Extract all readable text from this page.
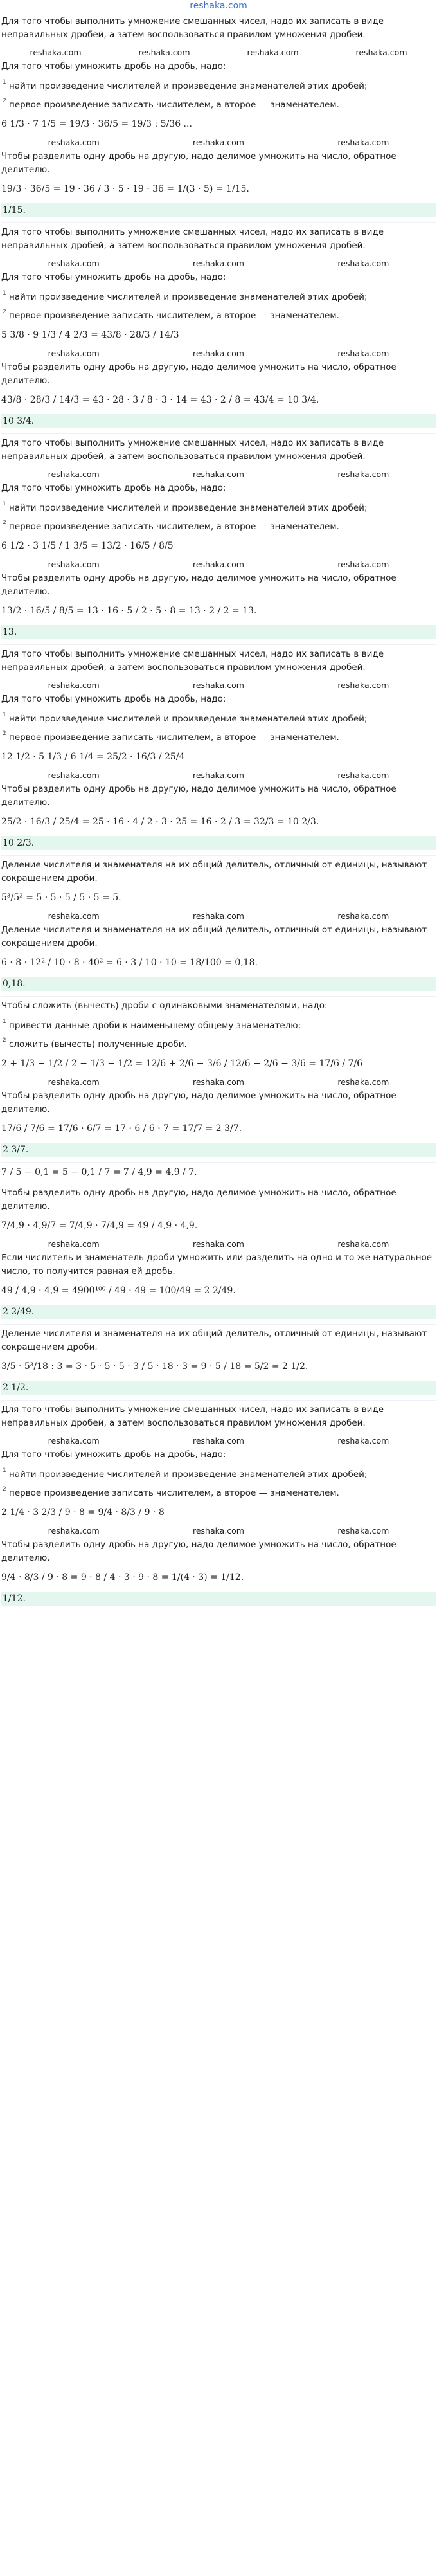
reshaka.com
Для того чтобы выполнить умножение смешанных чисел, надо их записать в виде неправильных дробей, а затем воспользоваться правилом умножения дробей.
reshaka.com	reshaka.com	reshaka.com	reshaka.com
Для того чтобы умножить дробь на дробь, надо:
1 найти произведение числителей и произведение знаменателей этих дробей;
2 первое произведение записать числителем, а второе — знаменателем.
6 1/3 · 7 1/5 = 19/3 · 36/5 = 19/3 : 5/36 ...
reshaka.com	reshaka.com	reshaka.com
Чтобы разделить одну дробь на другую, надо делимое умножить на число, обратное делителю.
19/3 · 36/5 = 19 · 36 / 3 · 5 · 19 · 36 = 1/(3 · 5) = 1/15.
1/15.
Для того чтобы выполнить умножение смешанных чисел, надо их записать в виде неправильных дробей, а затем воспользоваться правилом умножения дробей.
reshaka.com	reshaka.com	reshaka.com
Для того чтобы умножить дробь на дробь, надо:
1 найти произведение числителей и произведение знаменателей этих дробей;
2 первое произведение записать числителем, а второе — знаменателем.
5 3/8 · 9 1/3 / 4 2/3 = 43/8 · 28/3 / 14/3
reshaka.com	reshaka.com	reshaka.com
Чтобы разделить одну дробь на другую, надо делимое умножить на число, обратное делителю.
43/8 · 28/3 / 14/3 = 43 · 28 · 3 / 8 · 3 · 14 = 43 · 2 / 8 = 43/4 = 10 3/4.
10 3/4.
Для того чтобы выполнить умножение смешанных чисел, надо их записать в виде неправильных дробей, а затем воспользоваться правилом умножения дробей.
reshaka.com	reshaka.com	reshaka.com
Для того чтобы умножить дробь на дробь, надо:
1 найти произведение числителей и произведение знаменателей этих дробей;
2 первое произведение записать числителем, а второе — знаменателем.
6 1/2 · 3 1/5 / 1 3/5 = 13/2 · 16/5 / 8/5
reshaka.com	reshaka.com	reshaka.com
Чтобы разделить одну дробь на другую, надо делимое умножить на число, обратное делителю.
13/2 · 16/5 / 8/5 = 13 · 16 · 5 / 2 · 5 · 8 = 13 · 2 / 2 = 13.
13.
Для того чтобы выполнить умножение смешанных чисел, надо их записать в виде неправильных дробей, а затем воспользоваться правилом умножения дробей.
reshaka.com	reshaka.com	reshaka.com
Для того чтобы умножить дробь на дробь, надо:
1 найти произведение числителей и произведение знаменателей этих дробей;
2 первое произведение записать числителем, а второе — знаменателем.
12 1/2 · 5 1/3 / 6 1/4 = 25/2 · 16/3 / 25/4
reshaka.com	reshaka.com	reshaka.com
Чтобы разделить одну дробь на другую, надо делимое умножить на число, обратное делителю.
25/2 · 16/3 / 25/4 = 25 · 16 · 4 / 2 · 3 · 25 = 16 · 2 / 3 = 32/3 = 10 2/3.
10 2/3.
Деление числителя и знаменателя на их общий делитель, отличный от единицы, называют сокращением дроби.
5³/5² = 5 · 5 · 5 / 5 · 5 = 5.
reshaka.com	reshaka.com	reshaka.com
Деление числителя и знаменателя на их общий делитель, отличный от единицы, называют сокращением дроби.
6 · 8 · 12² / 10 · 8 · 40² = 6 · 3 / 10 · 10 = 18/100 = 0,18.
0,18.
Чтобы сложить (вычесть) дроби с одинаковыми знаменателями, надо:
1 привести данные дроби к наименьшему общему знаменателю;
2 сложить (вычесть) полученные дроби.
2 + 1/3 − 1/2 / 2 − 1/3 − 1/2 = 12/6 + 2/6 − 3/6 / 12/6 − 2/6 − 3/6 = 17/6 / 7/6
reshaka.com	reshaka.com	reshaka.com
Чтобы разделить одну дробь на другую, надо делимое умножить на число, обратное делителю.
17/6 / 7/6 = 17/6 · 6/7 = 17 · 6 / 6 · 7 = 17/7 = 2 3/7.
2 3/7.
7 / 5 − 0,1 = 5 − 0,1 / 7 = 7 / 4,9 = 4,9 / 7.
Чтобы разделить одну дробь на другую, надо делимое умножить на число, обратное делителю.
7/4,9 · 4,9/7 = 7/4,9 · 7/4,9 = 49 / 4,9 · 4,9.
reshaka.com	reshaka.com	reshaka.com
Если числитель и знаменатель дроби умножить или разделить на одно и то же натуральное число, то получится равная ей дробь.
49 / 4,9 · 4,9 = 4900¹⁰⁰ / 49 · 49 = 100/49 = 2 2/49.
2 2/49.
Деление числителя и знаменателя на их общий делитель, отличный от единицы, называют сокращением дроби.
3/5 · 5³/18 : 3 = 3 · 5 · 5 · 5 · 3 / 5 · 18 · 3 = 9 · 5 / 18 = 5/2 = 2 1/2.
2 1/2.
Для того чтобы выполнить умножение смешанных чисел, надо их записать в виде неправильных дробей, а затем воспользоваться правилом умножения дробей.
reshaka.com	reshaka.com	reshaka.com
Для того чтобы умножить дробь на дробь, надо:
1 найти произведение числителей и произведение знаменателей этих дробей;
2 первое произведение записать числителем, а второе — знаменателем.
2 1/4 · 3 2/3 / 9 · 8 = 9/4 · 8/3 / 9 · 8
reshaka.com	reshaka.com	reshaka.com
Чтобы разделить одну дробь на другую, надо делимое умножить на число, обратное делителю.
9/4 · 8/3 / 9 · 8 = 9 · 8 / 4 · 3 · 9 · 8 = 1/(4 · 3) = 1/12.
1/12.
